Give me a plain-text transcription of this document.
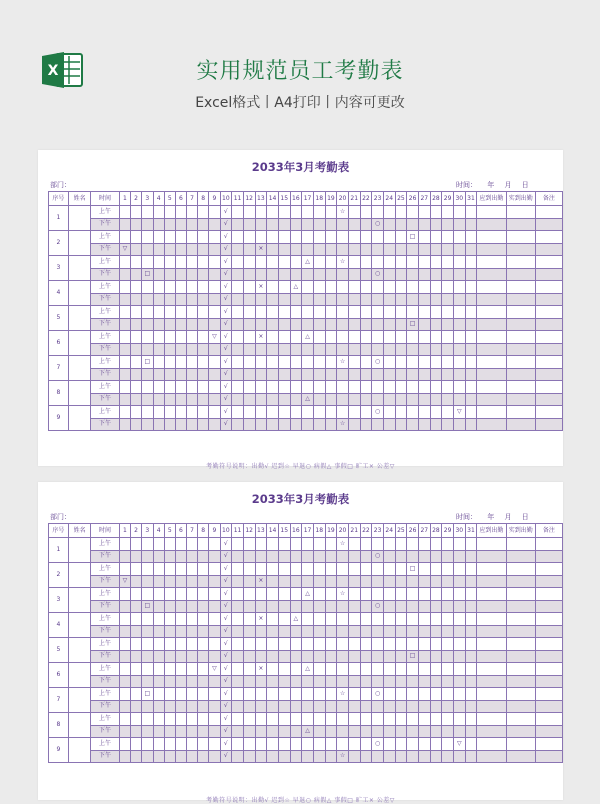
X	实用规范员工考勤表
Excel格式丨A4打印丨内容可更改
2033年3月考勤表
部门：	时间： 年 月 日
序号	姓名	时间	1	2	3	4	5	6	7	8	9	10	11	12	13	14	15	16	17	18	19	20	21	22	23	24	25	26	27	28	29	30	31	应到出勤	实到出勤	备注
1		上午										√										☆														
		下午										√													○											
2		上午										√																□								
		下午	▽									√			×																					
3		上午										√							△			☆														
		下午			□							√													○											
4		上午										√			×			△																		
		下午										√																								
5		上午										√																								
		下午										√																□								
6		上午									▽	√			×				△																	
		下午										√																								
7		上午			□							√										☆			○											
		下午										√																								
8		上午										√																								
		下午										√							△																	
9		上午										√													○							▽				
		下午										√										☆														
考勤符号说明：出勤√ 迟到☆ 早退○ 病假△ 事假□ 旷工× 公差▽
2033年3月考勤表
部门：	时间： 年 月 日
序号	姓名	时间	1	2	3	4	5	6	7	8	9	10	11	12	13	14	15	16	17	18	19	20	21	22	23	24	25	26	27	28	29	30	31	应到出勤	实到出勤	备注
1		上午										√										☆														
		下午										√													○											
2		上午										√																□								
		下午	▽									√			×																					
3		上午										√							△			☆														
		下午			□							√													○											
4		上午										√			×			△																		
		下午										√																								
5		上午										√																								
		下午										√																□								
6		上午									▽	√			×				△																	
		下午										√																								
7		上午			□							√										☆			○											
		下午										√																								
8		上午										√																								
		下午										√							△																	
9		上午										√													○							▽				
		下午										√										☆														
考勤符号说明：出勤√ 迟到☆ 早退○ 病假△ 事假□ 旷工× 公差▽
